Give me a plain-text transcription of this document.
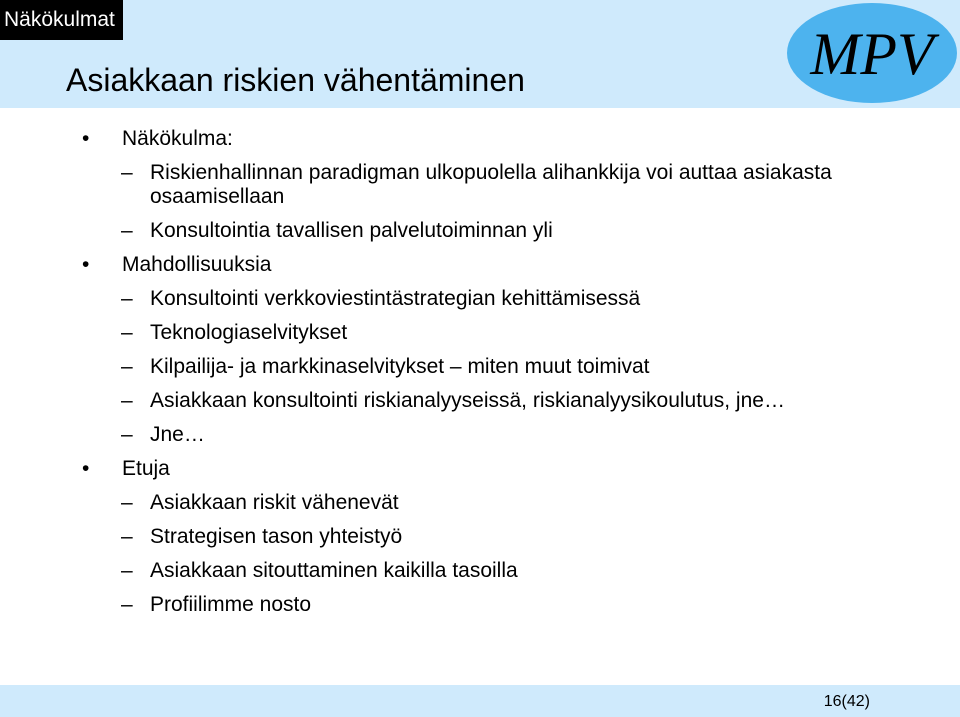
Näkökulmat
MPV
Asiakkaan riskien vähentäminen
• Näkökulma:
– Riskienhallinnan paradigman ulkopuolella alihankkija voi auttaa asiakasta osaamisellaan
– Konsultointia tavallisen palvelutoiminnan yli
• Mahdollisuuksia
– Konsultointi verkkoviestintästrategian kehittämisessä
– Teknologiaselvitykset
– Kilpailija- ja markkinaselvitykset – miten muut toimivat
– Asiakkaan konsultointi riskianalyyseissä, riskianalyysikoulutus, jne…
– Jne…
• Etuja
– Asiakkaan riskit vähenevät
– Strategisen tason yhteistyö
– Asiakkaan sitouttaminen kaikilla tasoilla
– Profiilimme nosto
16(42)
